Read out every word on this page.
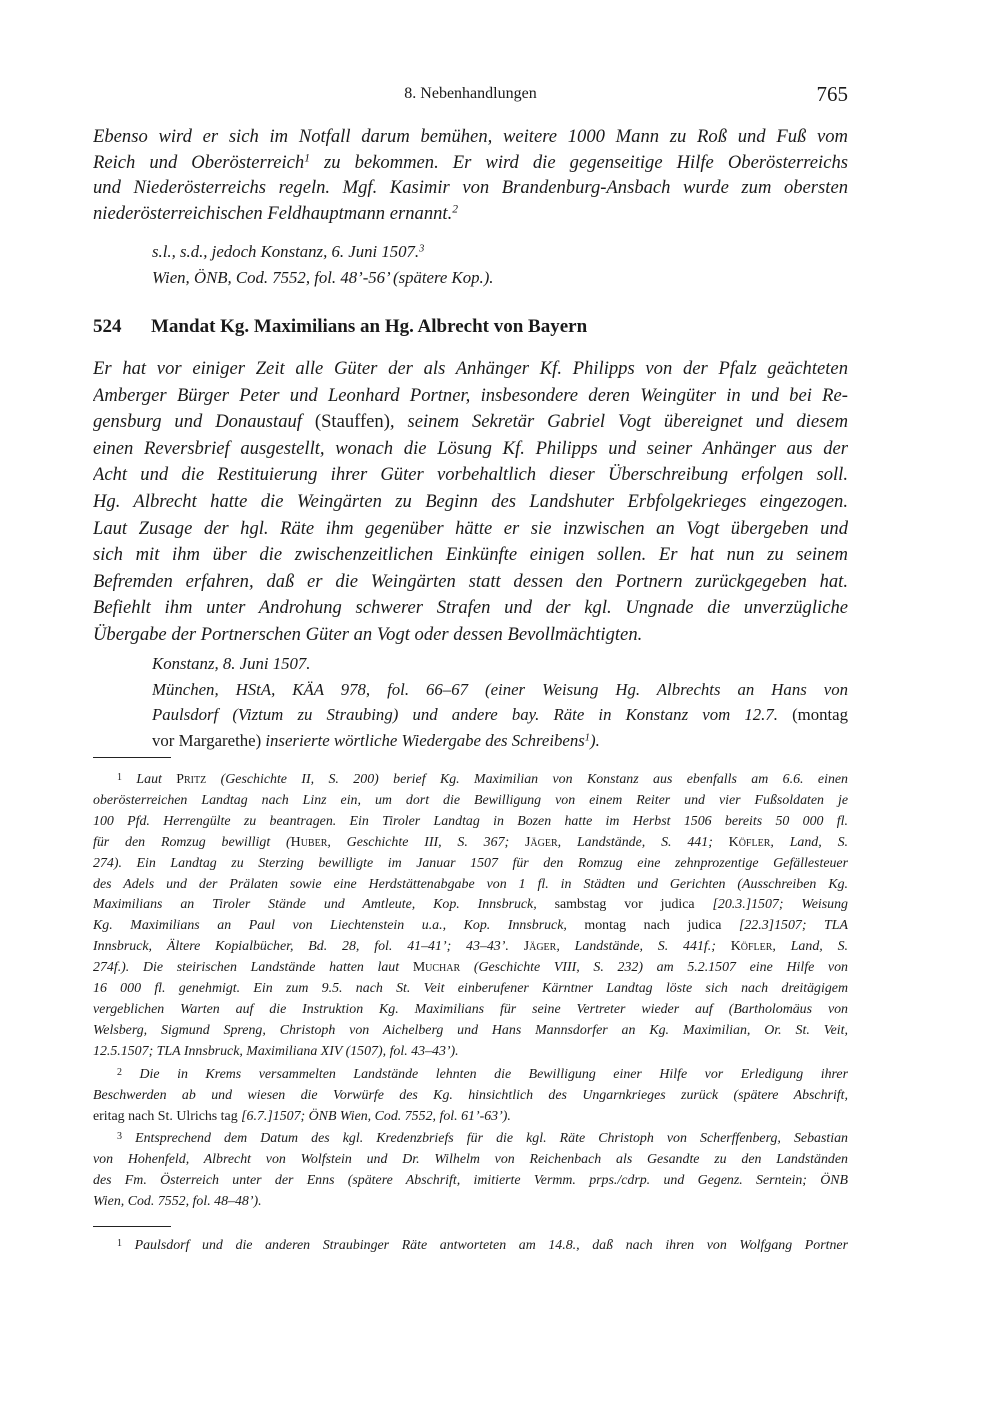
8. Nebenhandlungen	765
Ebenso wird er sich im Notfall darum bemühen, weitere 1000 Mann zu Roß und Fuß vom
Reich und Oberösterreich$^1$ zu bekommen. Er wird die gegenseitige Hilfe Oberösterreichs
und Niederösterreichs regeln. Mgf. Kasimir von Brandenburg-Ansbach wurde zum obersten
niederösterreichischen Feldhauptmann ernannt.$^2$
s.l., s.d., jedoch Konstanz, 6. Juni 1507.$^3$
Wien, ÖNB, Cod. 7552, fol. 48’-56’ (spätere Kop.).
524 Mandat Kg. Maximilians an Hg. Albrecht von Bayern
Er hat vor einiger Zeit alle Güter der als Anhänger Kf. Philipps von der Pfalz geächteten
Amberger Bürger Peter und Leonhard Portner, insbesondere deren Weingüter in und bei Re-
gensburg und Donaustauf (Stauffen), seinem Sekretär Gabriel Vogt übereignet und diesem
einen Reversbrief ausgestellt, wonach die Lösung Kf. Philipps und seiner Anhänger aus der
Acht und die Restituierung ihrer Güter vorbehaltlich dieser Überschreibung erfolgen soll.
Hg. Albrecht hatte die Weingärten zu Beginn des Landshuter Erbfolgekrieges eingezogen.
Laut Zusage der hgl. Räte ihm gegenüber hätte er sie inzwischen an Vogt übergeben und
sich mit ihm über die zwischenzeitlichen Einkünfte einigen sollen. Er hat nun zu seinem
Befremden erfahren, daß er die Weingärten statt dessen den Portnern zurückgegeben hat.
Befiehlt ihm unter Androhung schwerer Strafen und der kgl. Ungnade die unverzügliche
Übergabe der Portnerschen Güter an Vogt oder dessen Bevollmächtigten.
Konstanz, 8. Juni 1507.
München, HStA, KÄA 978, fol. 66–67 (einer Weisung Hg. Albrechts an Hans von
Paulsdorf (Viztum zu Straubing) und andere bay. Räte in Konstanz vom 12.7. (montag
vor Margarethe) inserierte wörtliche Wiedergabe des Schreibens$^1$).
$^1$ Laut Pritz (Geschichte II, S. 200) berief Kg. Maximilian von Konstanz aus ebenfalls am 6.6. einen
oberösterreichen Landtag nach Linz ein, um dort die Bewilligung von einem Reiter und vier Fußsoldaten je
100 Pfd. Herrengülte zu beantragen. Ein Tiroler Landtag in Bozen hatte im Herbst 1506 bereits 50 000 fl.
für den Romzug bewilligt (Huber, Geschichte III, S. 367; Jäger, Landstände, S. 441; Köfler, Land, S.
274). Ein Landtag zu Sterzing bewilligte im Januar 1507 für den Romzug eine zehnprozentige Gefällesteuer
des Adels und der Prälaten sowie eine Herdstättenabgabe von 1 fl. in Städten und Gerichten (Ausschreiben Kg.
Maximilians an Tiroler Stände und Amtleute, Kop. Innsbruck, sambstag vor judica [20.3.]1507; Weisung
Kg. Maximilians an Paul von Liechtenstein u.a., Kop. Innsbruck, montag nach judica [22.3]1507; TLA
Innsbruck, Ältere Kopialbücher, Bd. 28, fol. 41–41’; 43–43’. Jäger, Landstände, S. 441f.; Köfler, Land, S.
274f.). Die steirischen Landstände hatten laut Muchar (Geschichte VIII, S. 232) am 5.2.1507 eine Hilfe von
16 000 fl. genehmigt. Ein zum 9.5. nach St. Veit einberufener Kärntner Landtag löste sich nach dreitägigem
vergeblichen Warten auf die Instruktion Kg. Maximilians für seine Vertreter wieder auf (Bartholomäus von
Welsberg, Sigmund Spreng, Christoph von Aichelberg und Hans Mannsdorfer an Kg. Maximilian, Or. St. Veit,
12.5.1507; TLA Innsbruck, Maximiliana XIV (1507), fol. 43–43’).
$^2$ Die in Krems versammelten Landstände lehnten die Bewilligung einer Hilfe vor Erledigung ihrer
Beschwerden ab und wiesen die Vorwürfe des Kg. hinsichtlich des Ungarnkrieges zurück (spätere Abschrift,
eritag nach St. Ulrichs tag [6.7.]1507; ÖNB Wien, Cod. 7552, fol. 61’-63’).
$^3$ Entsprechend dem Datum des kgl. Kredenzbriefs für die kgl. Räte Christoph von Scherffenberg, Sebastian
von Hohenfeld, Albrecht von Wolfstein und Dr. Wilhelm von Reichenbach als Gesandte zu den Landständen
des Fm. Österreich unter der Enns (spätere Abschrift, imitierte Vermm. prps./cdrp. und Gegenz. Serntein; ÖNB
Wien, Cod. 7552, fol. 48–48’).
$^1$ Paulsdorf und die anderen Straubinger Räte antworteten am 14.8., daß nach ihren von Wolfgang Portner
